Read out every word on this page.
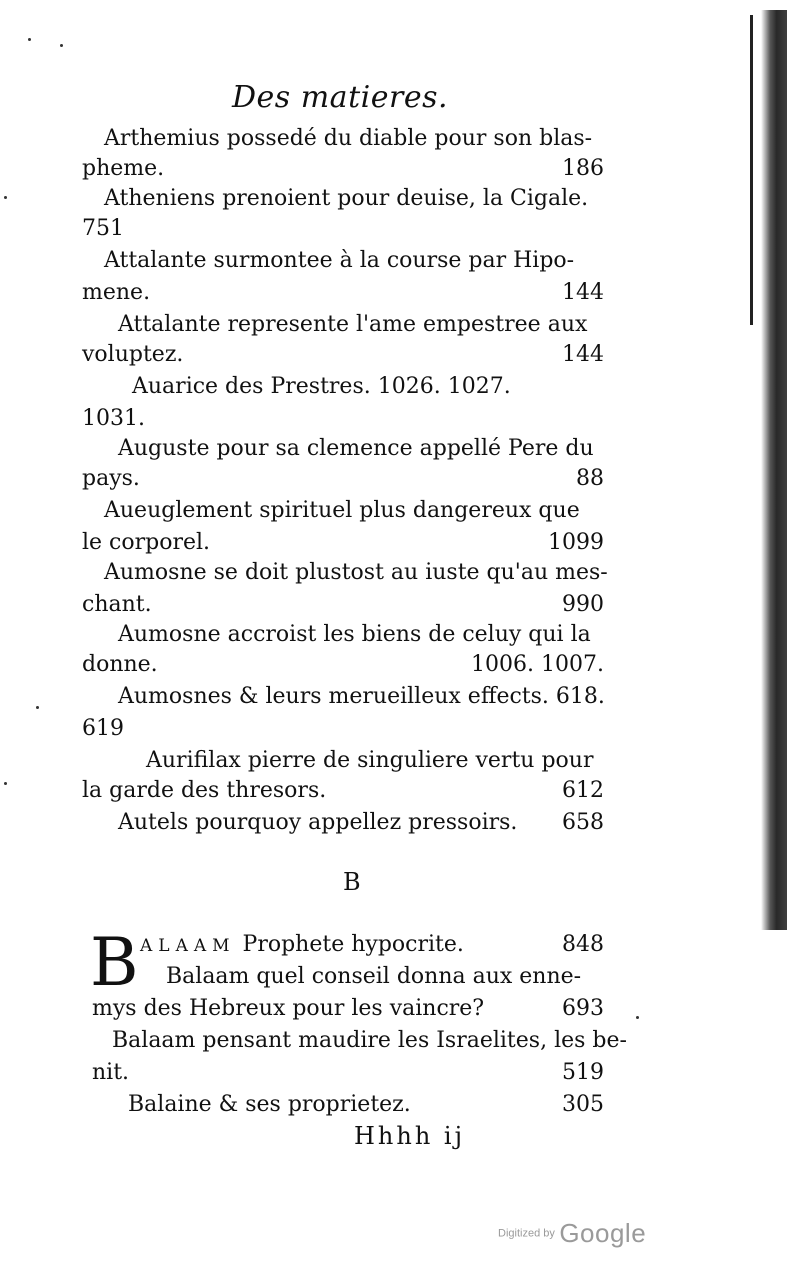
Des matieres.
Arthemius possedé du diable pour son blas-
pheme.	186
Atheniens prenoient pour deuise, la Cigale.
751
Attalante surmontee à la course par Hipo-
mene.	144
Attalante represente l'ame empestree aux
voluptez.	144
Auarice des Prestres. 1026. 1027.
1031.
Auguste pour sa clemence appellé Pere du
pays.	88
Aueuglement spirituel plus dangereux que
le corporel.	1099
Aumosne se doit plustost au iuste qu'au mes-
chant.	990
Aumosne accroist les biens de celuy qui la
donne.	1006. 1007.
Aumosnes & leurs merueilleux effects. 618.
619
Aurifilax pierre de singuliere vertu pour
la garde des thresors.	612
Autels pourquoy appellez pressoirs. 658
B
B ALAAM Prophete hypocrite.	848
Balaam quel conseil donna aux enne-
mys des Hebreux pour les vaincre?	693
Balaam pensant maudire les Israelites, les be-
nit.	519
Balaine & ses proprietez.	305
Hhhh ij
Digitized by Google
